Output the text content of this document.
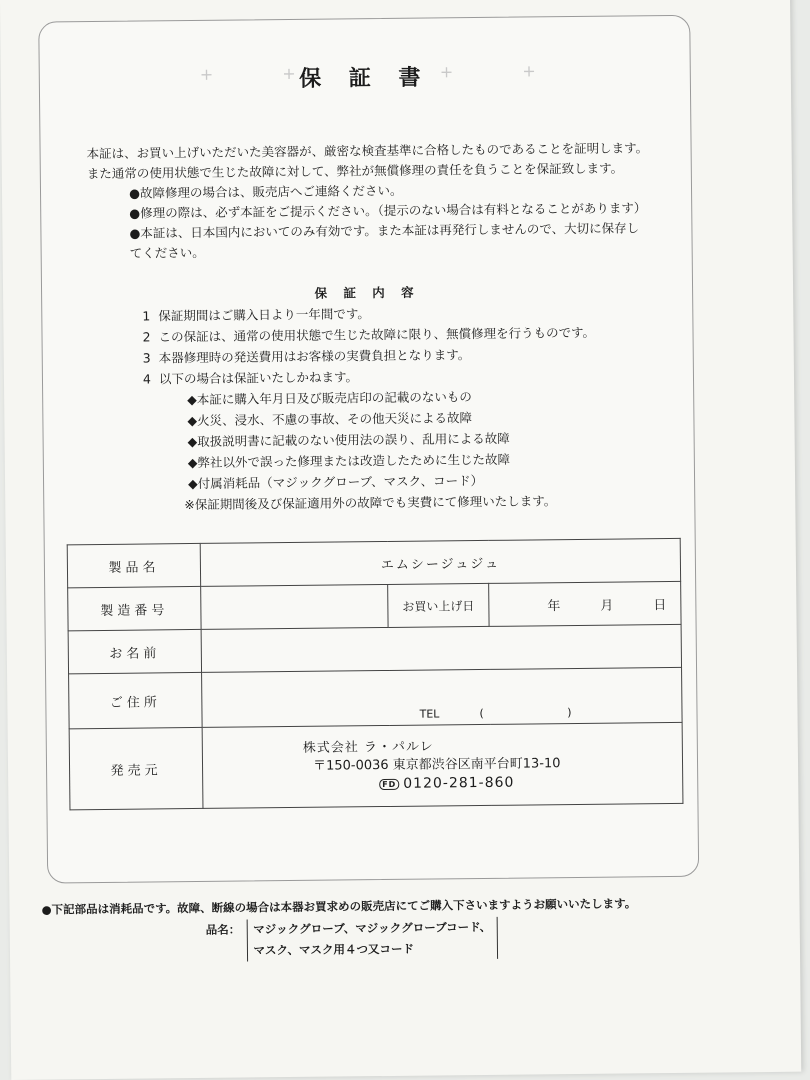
+ +
保 証 書 + +

本証は、お買い上げいただいた美容器が、厳密な検査基準に合格したものであることを証明します。

また通常の使用状態で生じた故障に対して、弊社が無償修理の責任を負うことを保証致します。

●故障修理の場合は、販売店へご連絡ください。

●修理の際は、必ず本証をご提示ください。（提示のない場合は有料となることがあります）

●本証は、日本国内においてのみ有効です。また本証は再発行しませんので、大切に保存し

てください。

保 証 内 容

1 保証期間はご購入日より一年間です。

2 この保証は、通常の使用状態で生じた故障に限り、無償修理を行うものです。

3 本器修理時の発送費用はお客様の実費負担となります。

4 以下の場合は保証いたしかねます。

◆本証に購入年月日及び販売店印の記載のないもの

◆火災、浸水、不慮の事故、その他天災による故障

◆取扱説明書に記載のない使用法の誤り、乱用による故障

◆弊社以外で誤った修理または改造したために生じた故障

◆付属消耗品（マジックグローブ、マスク、コード）

※保証期間後及び保証適用外の故障でも実費にて修理いたします。

製品名	エムシージュジュ		
製造番号		お買い上げ日	年 月 日

お名前			
ご住所	TEL ( )		

発売元	株式会社 ラ・パルレ
〒150-0036 東京都渋谷区南平台町13-10
FD 0120-281-860		
●下記部品は消耗品です。故障、断線の場合は本器お買求めの販売店にてご購入下さいますようお願いいたします。
品名： マジックグローブ、マジックグローブコード、
マスク、マスク用４つ又コード
